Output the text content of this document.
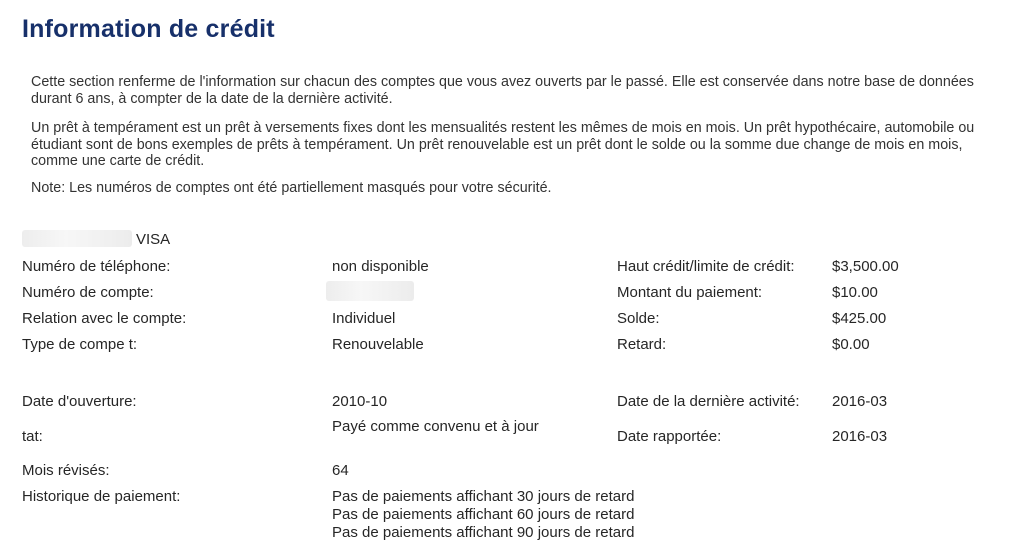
Information de crédit
Cette section renferme de l'information sur chacun des comptes que vous avez ouverts par le passé. Elle est conservée dans notre base de données durant 6 ans, à compter de la date de la dernière activité.
Un prêt à tempérament est un prêt à versements fixes dont les mensualités restent les mêmes de mois en mois. Un prêt hypothécaire, automobile ou étudiant sont de bons exemples de prêts à tempérament. Un prêt renouvelable est un prêt dont le solde ou la somme due change de mois en mois, comme une carte de crédit.
Note: Les numéros de comptes ont été partiellement masqués pour votre sécurité.
VISA
Numéro de téléphone:
Numéro de compte:
Relation avec le compte:
Type de compe t:
Date d'ouverture:
tat:
Mois révisés:
Historique de paiement:
non disponible
Individuel
Renouvelable
2010-10
Payé comme convenu et à jour
64
Pas de paiements affichant 30 jours de retard
Pas de paiements affichant 60 jours de retard
Pas de paiements affichant 90 jours de retard
Haut crédit/limite de crédit:
Montant du paiement:
Solde:
Retard:
Date de la dernière activité:
Date rapportée:
$3,500.00
$10.00
$425.00
$0.00
2016-03
2016-03
